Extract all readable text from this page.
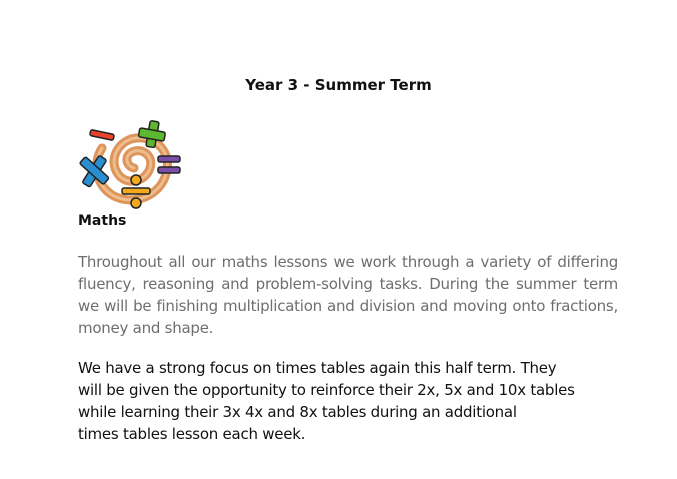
Year 3 - Summer Term
Maths

Throughout all our maths lessons we work through a variety of differing fluency, reasoning and problem-solving tasks. During the summer term we will be finishing multiplication and division and moving onto fractions, money and shape.

We have a strong focus on times tables again this half term. They
will be given the opportunity to reinforce their 2x, 5x and 10x tables
while learning their 3x 4x and 8x tables during an additional
times tables lesson each week.
